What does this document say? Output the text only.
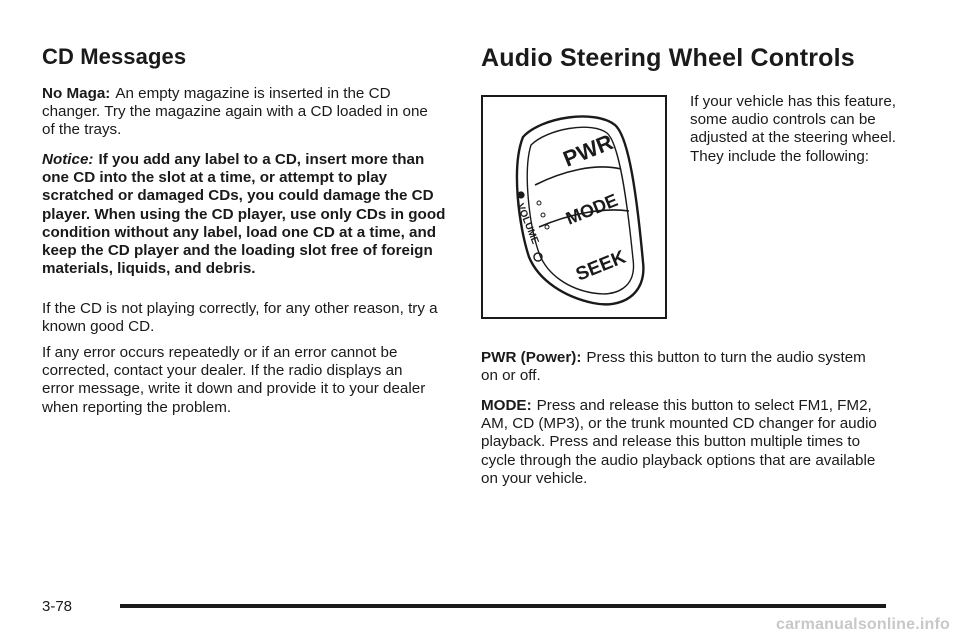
CD Messages

No Maga: An empty magazine is inserted in the CD changer. Try the magazine again with a CD loaded in one of the trays.

Notice: If you add any label to a CD, insert more than one CD into the slot at a time, or attempt to play scratched or damaged CDs, you could damage the CD player. When using the CD player, use only CDs in good condition without any label, load one CD at a time, and keep the CD player and the loading slot free of foreign materials, liquids, and debris.

If the CD is not playing correctly, for any other reason, try a known good CD.

If any error occurs repeatedly or if an error cannot be corrected, contact your dealer. If the radio displays an error message, write it down and provide it to your dealer when reporting the problem.

Audio Steering Wheel Controls
PWR
MODE
SEEK
VOLUME

If your vehicle has this feature, some audio controls can be adjusted at the steering wheel. They include the following:

PWR (Power): Press this button to turn the audio system on or off.

MODE: Press and release this button to select FM1, FM2, AM, CD (MP3), or the trunk mounted CD changer for audio playback. Press and release this button multiple times to cycle through the audio playback options that are available on your vehicle.

3-78
carmanualsonline.info
